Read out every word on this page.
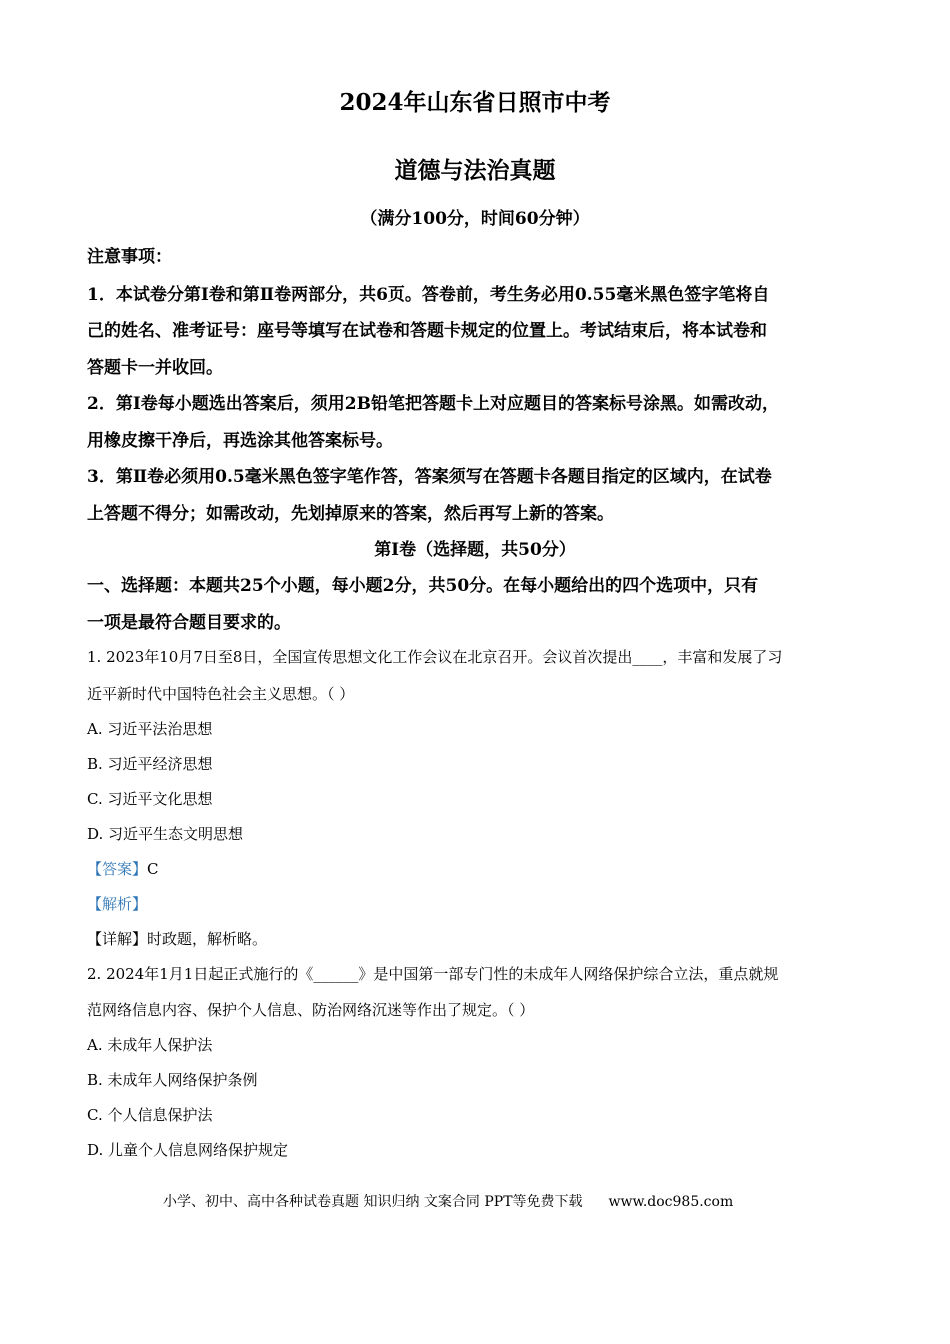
2024年山东省日照市中考
道德与法治真题
（满分100分，时间60分钟）
注意事项：
1．本试卷分第Ⅰ卷和第Ⅱ卷两部分，共6页。答卷前，考生务必用0.55毫米黑色签字笔将自
己的姓名、准考证号：座号等填写在试卷和答题卡规定的位置上。考试结束后，将本试卷和
答题卡一并收回。
2．第Ⅰ卷每小题选出答案后，须用2B铅笔把答题卡上对应题目的答案标号涂黑。如需改动，
用橡皮擦干净后，再选涂其他答案标号。
3．第Ⅱ卷必须用0.5毫米黑色签字笔作答，答案须写在答题卡各题目指定的区域内，在试卷
上答题不得分；如需改动，先划掉原来的答案，然后再写上新的答案。
第Ⅰ卷（选择题，共50分）
一、选择题：本题共25个小题，每小题2分，共50分。在每小题给出的四个选项中，只有
一项是最符合题目要求的。
1. 2023年10月7日至8日，全国宣传思想文化工作会议在北京召开。会议首次提出____，丰富和发展了习
近平新时代中国特色社会主义思想。（ ）
A. 习近平法治思想
B. 习近平经济思想
C. 习近平文化思想
D. 习近平生态文明思想
【答案】C
【解析】
【详解】时政题，解析略。
2. 2024年1月1日起正式施行的《______》是中国第一部专门性的未成年人网络保护综合立法，重点就规
范网络信息内容、保护个人信息、防治网络沉迷等作出了规定。（ ）
A. 未成年人保护法
B. 未成年人网络保护条例
C. 个人信息保护法
D. 儿童个人信息网络保护规定
小学、初中、高中各种试卷真题 知识归纳 文案合同 PPT等免费下载 www.doc985.com
